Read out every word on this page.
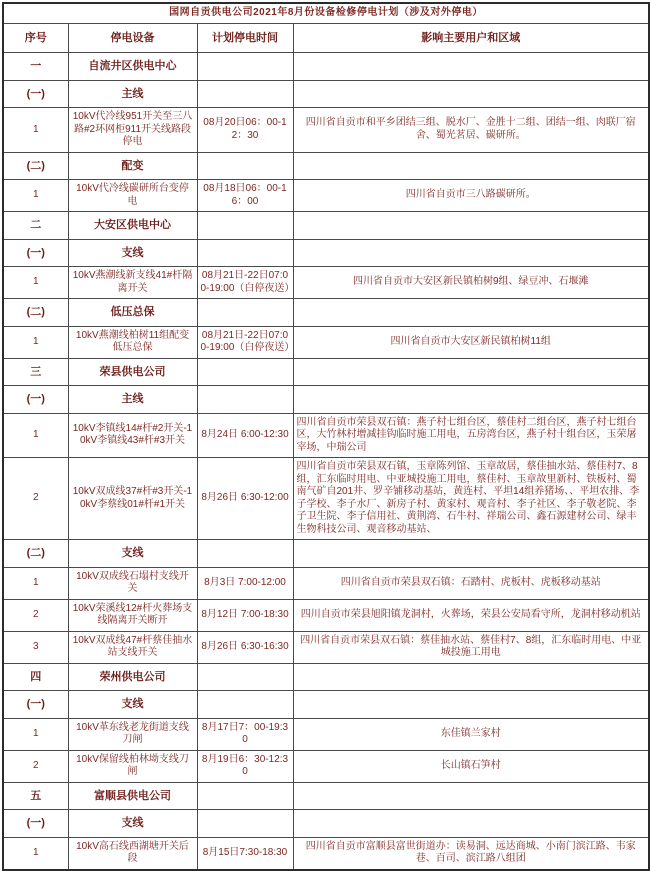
国网自贡供电公司2021年8月份设备检修停电计划（涉及对外停电）			
序号	停电设备	计划停电时间	影响主要用户和区域
一	自流井区供电中心		
(一)	主线		
1	10kV代冷线951开关至三八路#2环网柜911开关线路段停电	08月20日06：00-12：30	四川省自贡市和平乡团结三组、脱水厂、金胜十二组、团结一组、肉联厂宿舍、蜀光茗居、碳研所。
(二)	配变		
1	10kV代冷线碳研所台变停电	08月18日06：00-16：00	四川省自贡市三八路碳研所。
二	大安区供电中心		
(一)	支线		
1	10kV燕潮线新支线41#杆隔离开关	08月21日-22日07:00-19:00（白停夜送）	四川省自贡市大安区新民镇柏树9组、绿豆冲、石堰滩
(二)	低压总保		
1	10kV燕潮线柏树11组配变低压总保	08月21日-22日07:00-19:00（白停夜送）	四川省自贡市大安区新民镇柏树11组
三	荣县供电公司		
(一)	主线		
1	10kV李镇线14#杆#2开关-10kV李镇线43#杆#3开关	8月24日 6:00-12:30	四川省自贡市荣县双石镇：燕子村七组台区，蔡佳村二组台区，燕子村七组台区，大竹林村增减挂钩临时施工用电，五房湾台区，燕子村十组台区，玉荣屠宰场，中瑞公司
2	10kV双成线37#杆#3开关-10kV李蔡线01#杆#1开关	8月26日 6:30-12:00	四川省自贡市荣县双石镇，玉章陈列馆、玉章故居，蔡佳抽水站、蔡佳村7、8组，汇东临时用电、中亚城投施工用电，蔡佳村、玉章故里新村、铁板村、蜀南气矿自201井、罗辛铺移动基站，黄连村、平坦14组养猪场、、平坦农排、李子学校、李子水厂、新房子村、黄家村、观音村、李子社区、李子敬老院、李子卫生院、李子信用社、黄荆湾、石牛村、祥瑞公司、鑫石源建材公司、绿丰生物科技公司、观音移动基站、
(二)	支线		
1	10kV双成线石塌村支线开关	8月3日 7:00-12:00	四川省自贡市荣县双石镇：石踏村、虎板村、虎板移动基站
2	10kV荣溪线12#杆火葬场支线隔离开关断开	8月12日 7:00-18:30	四川自贡市荣县旭阳镇龙洞村，火葬场，荣县公安局看守所，龙洞村移动机站
3	10kV双成线47#杆蔡佳抽水站支线开关	8月26日 6:30-16:30	四川省自贡市荣县双石镇：蔡佳抽水站、蔡佳村7、8组，汇东临时用电、中亚城投施工用电
四	荣州供电公司		
(一)	支线		
1	10kV革东线老龙街道支线刀闸	8月17日7：00-19:30	东佳镇兰家村
2	10kV保留线柏林坳支线刀闸	8月19日6：30-12:30	长山镇石笋村
五	富顺县供电公司		
(一)	支线		
1	10kV高石线西湖塘开关后段	8月15日7:30-18:30	四川省自贡市富顺县富世街道办：读易洞、远达商城、小南门滨江路、韦家巷、百司、滨江路八组团
